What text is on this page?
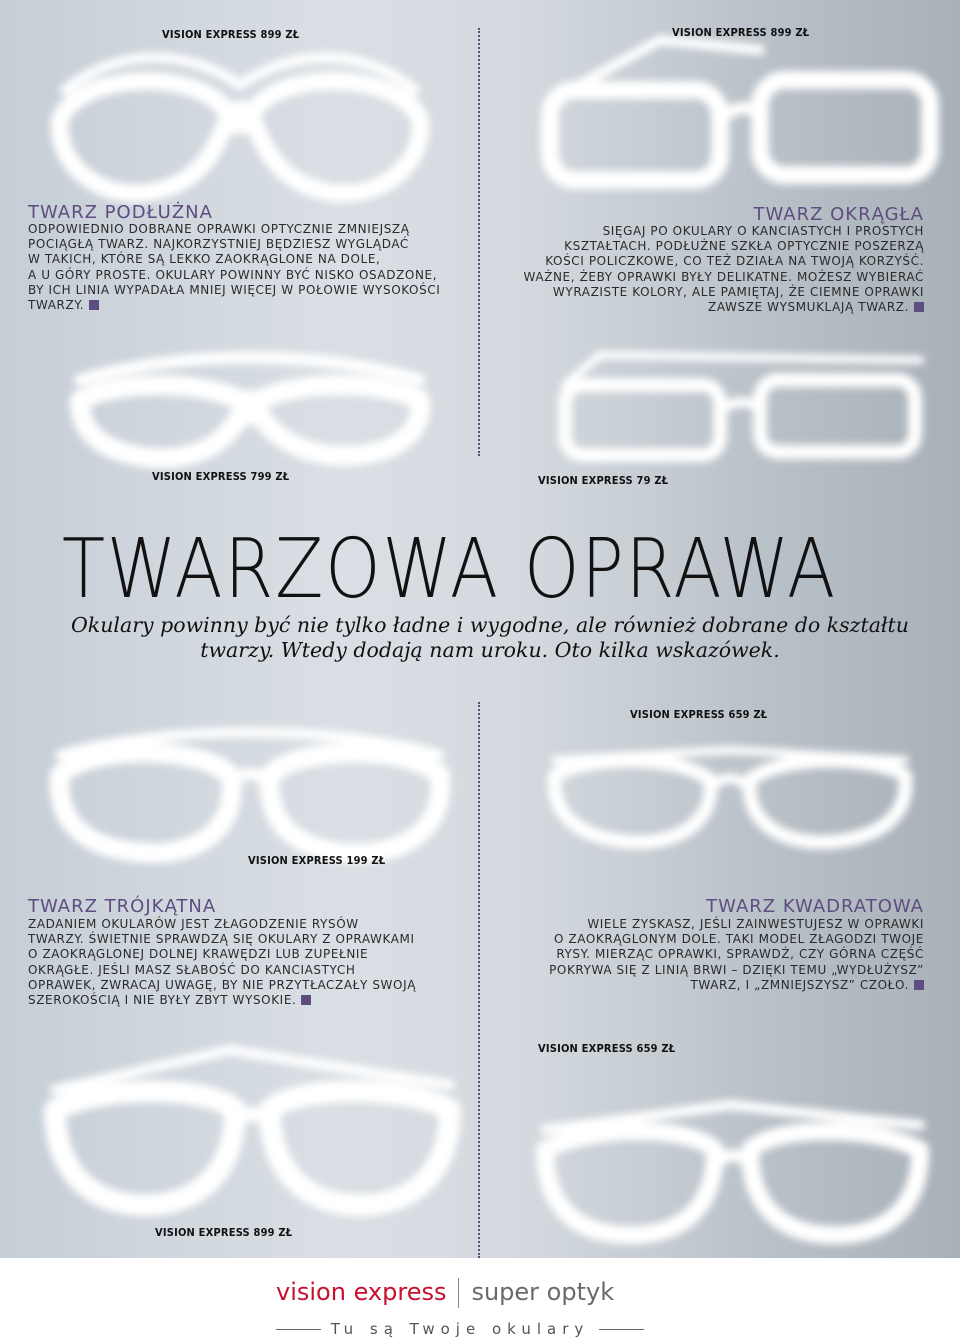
VISION EXPRESS 899 ZŁ	VISION EXPRESS 899 ZŁ
VISION EXPRESS 799 ZŁ	VISION EXPRESS 79 ZŁ
VISION EXPRESS 659 ZŁ
VISION EXPRESS 199 ZŁ
VISION EXPRESS 659 ZŁ
VISION EXPRESS 899 ZŁ
TWARZ PODŁUŻNA
ODPOWIEDNIO DOBRANE OPRAWKI OPTYCZNIE ZMNIEJSZĄ
POCIĄGŁĄ TWARZ. NAJKORZYSTNIEJ BĘDZIESZ WYGLĄDAĆ
W TAKICH, KTÓRE SĄ LEKKO ZAOKRĄGLONE NA DOLE,
A U GÓRY PROSTE. OKULARY POWINNY BYĆ NISKO OSADZONE,
BY ICH LINIA WYPADAŁA MNIEJ WIĘCEJ W POŁOWIE WYSOKOŚCI
TWARZY.
TWARZ OKRĄGŁA
SIĘGAJ PO OKULARY O KANCIASTYCH I PROSTYCH
KSZTAŁTACH. PODŁUŻNE SZKŁA OPTYCZNIE POSZERZĄ
KOŚCI POLICZKOWE, CO TEŻ DZIAŁA NA TWOJĄ KORZYŚĆ.
WAŻNE, ŻEBY OPRAWKI BYŁY DELIKATNE. MOŻESZ WYBIERAĆ
WYRAZISTE KOLORY, ALE PAMIĘTAJ, ŻE CIEMNE OPRAWKI
ZAWSZE WYSMUKLAJĄ TWARZ.
TWARZOWA OPRAWA
Okulary powinny być nie tylko ładne i wygodne, ale również dobrane do kształtu
twarzy. Wtedy dodają nam uroku. Oto kilka wskazówek.
TWARZ TRÓJKĄTNA
ZADANIEM OKULARÓW JEST ZŁAGODZENIE RYSÓW
TWARZY. ŚWIETNIE SPRAWDZĄ SIĘ OKULARY Z OPRAWKAMI
O ZAOKRĄGLONEJ DOLNEJ KRAWĘDZI LUB ZUPEŁNIE
OKRĄGŁE. JEŚLI MASZ SŁABOŚĆ DO KANCIASTYCH
OPRAWEK, ZWRACAJ UWAGĘ, BY NIE PRZYTŁACZAŁY SWOJĄ
SZEROKOŚCIĄ I NIE BYŁY ZBYT WYSOKIE.
TWARZ KWADRATOWA
WIELE ZYSKASZ, JEŚLI ZAINWESTUJESZ W OPRAWKI
O ZAOKRĄGLONYM DOLE. TAKI MODEL ZŁAGODZI TWOJE
RYSY. MIERZĄC OPRAWKI, SPRAWDŹ, CZY GÓRNA CZĘŚĆ
POKRYWA SIĘ Z LINIĄ BRWI – DZIĘKI TEMU „WYDŁUŻYSZ”
TWARZ, I „ZMNIEJSZYSZ” CZOŁO.
vision express super optyk
Tu są Twoje okulary
